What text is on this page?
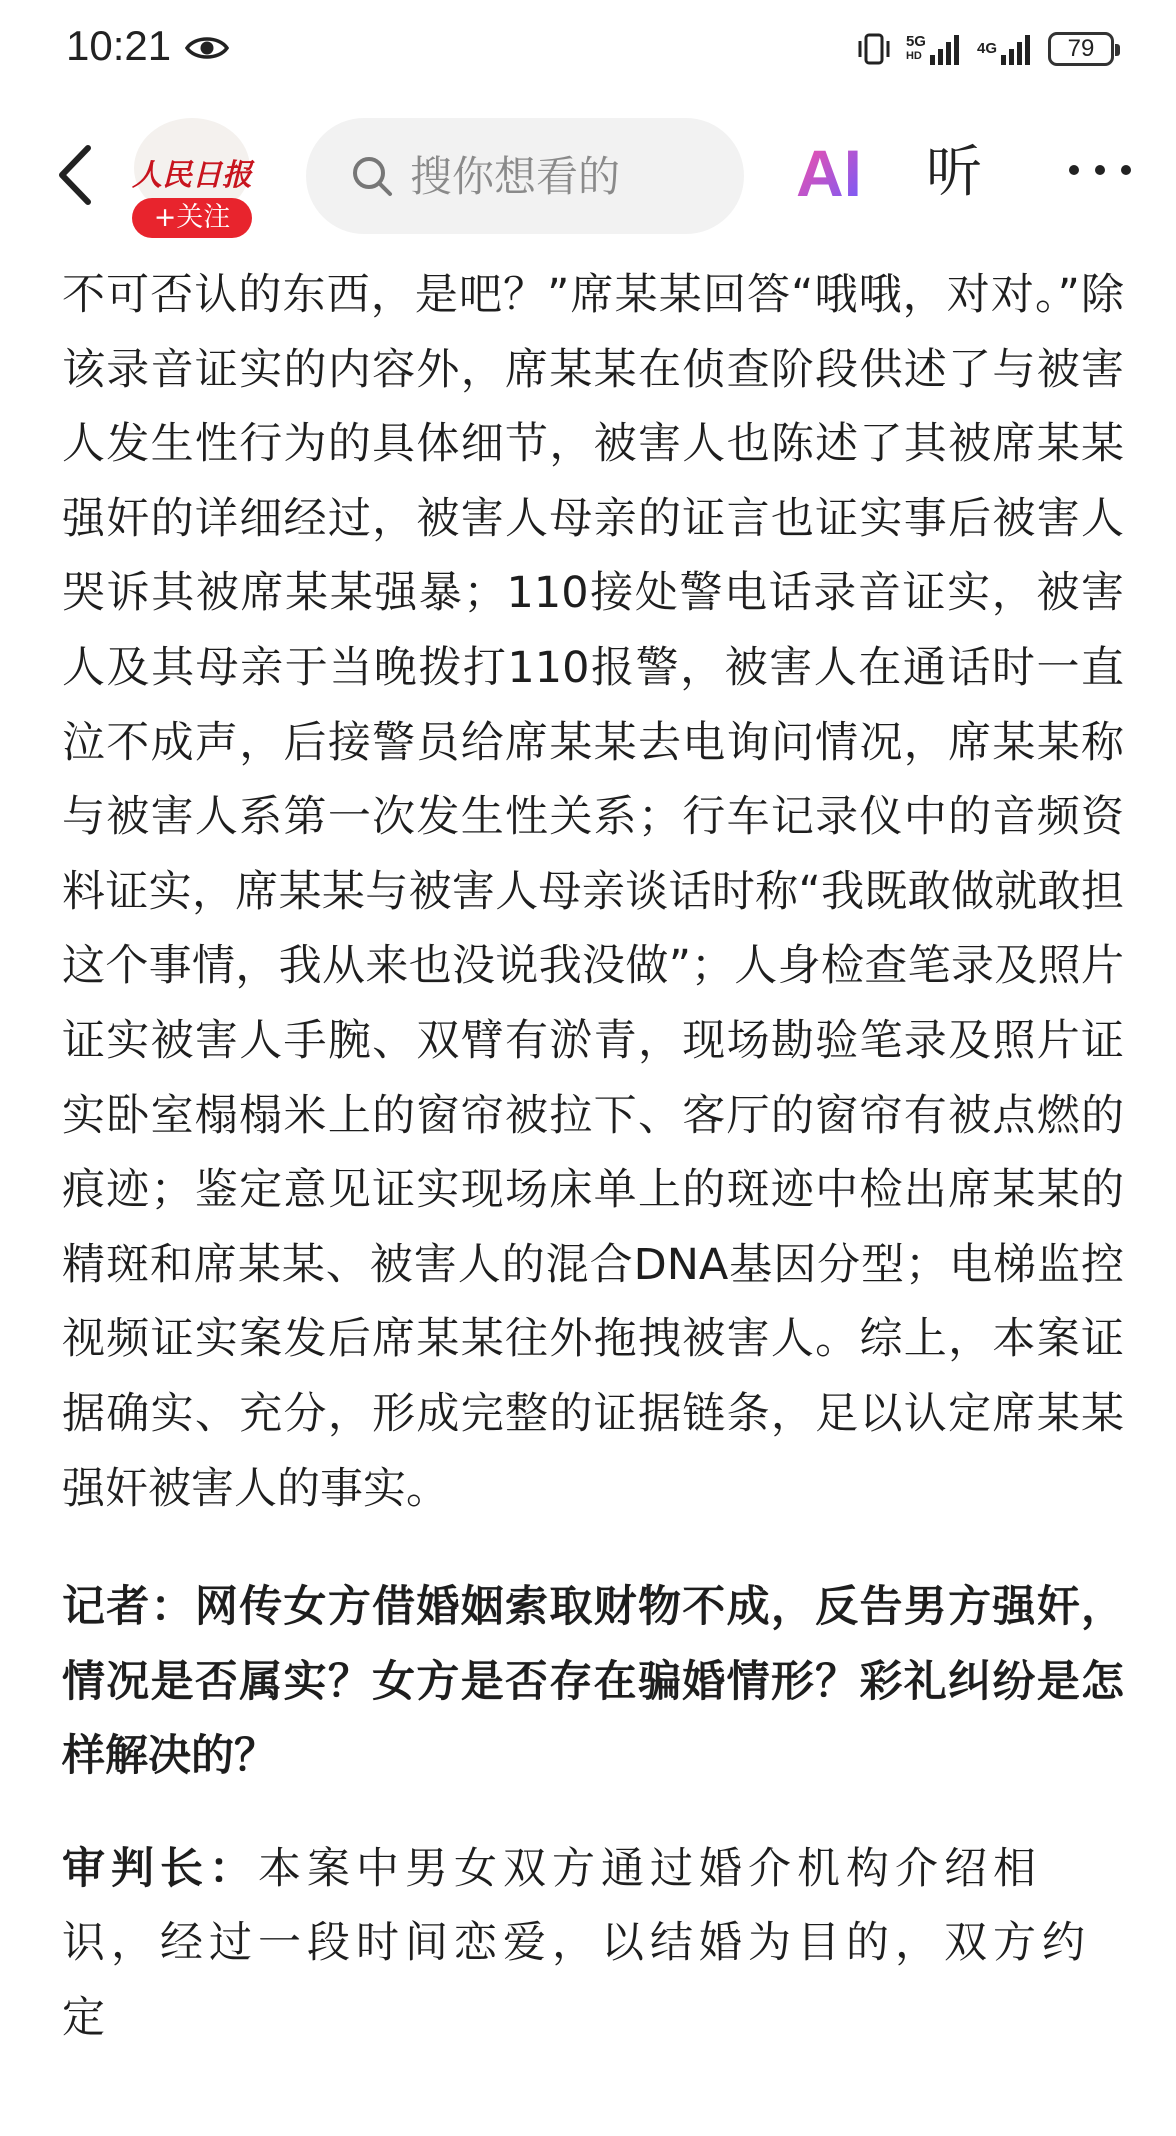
10:21	5G
HD	4G	79
人民日报
+关注
搜你想看的
AI 听

不可否认的东西，是吧？”席某某回答“哦哦，对对。”除该录音证实的内容外，席某某在侦查阶段供述了与被害人发生性行为的具体细节，被害人也陈述了其被席某某强奸的详细经过，被害人母亲的证言也证实事后被害人哭诉其被席某某强暴；110接处警电话录音证实，被害人及其母亲于当晚拨打110报警，被害人在通话时一直泣不成声，后接警员给席某某去电询问情况，席某某称与被害人系第一次发生性关系；行车记录仪中的音频资料证实，席某某与被害人母亲谈话时称“我既敢做就敢担这个事情，我从来也没说我没做”；人身检查笔录及照片证实被害人手腕、双臂有淤青，现场勘验笔录及照片证实卧室榻榻米上的窗帘被拉下、客厅的窗帘有被点燃的痕迹；鉴定意见证实现场床单上的斑迹中检出席某某的精斑和席某某、被害人的混合DNA基因分型；电梯监控视频证实案发后席某某往外拖拽被害人。综上，本案证据确实、充分，形成完整的证据链条，足以认定席某某强奸被害人的事实。

记者：网传女方借婚姻索取财物不成，反告男方强奸，情况是否属实？女方是否存在骗婚情形？彩礼纠纷是怎样解决的？

审判长：本案中男女双方通过婚介机构介绍相识，经过一段时间恋爱，以结婚为目的，双方约定
